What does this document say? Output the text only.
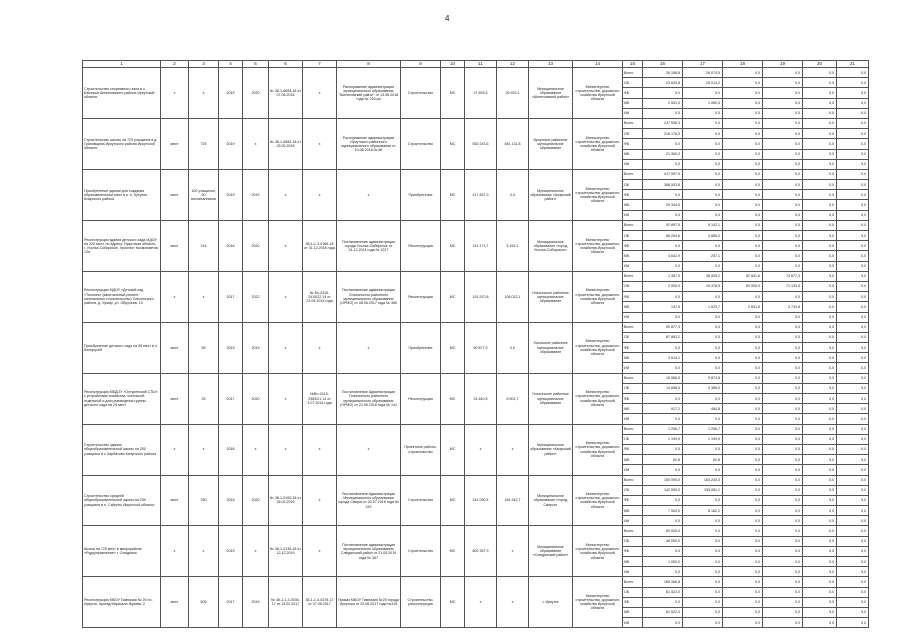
4
1	2	3	4	5	6	7	8	9	10	11	12	13	14	15	16	17	18	19	20	21
Строительство спортивного зала в с. Баклаши Шелеховского района Иркутской области	х	х	2019	2020	№ 38-1-6698-18 от 07.06.2018	х	Распоряжение администрации муниципального образования "Шелеховский район" от 14.08.2018 года № 226-ра	Строительство	МС	27 693,5	26 929,1	Муниципальное образование «Шелеховский район»	Министерство строительства, дорожного хозяйства Иркутской области	Всего	26 156,8	26 074,5	0,0	0,0	0,0	0,0
														ОБ	23 625,8	25 014,2	0,0	0,0	0,0	0,0
														ФБ	0,0	0,0	0,0	0,0	0,0	0,0
														МБ	2 531,0	1 060,3	0,0	0,0	0,0	0,0
														ИИ	0,0	0,0	0,0	0,0	0,0	0,0
Строительство школы на 725 учащихся в д. Грановщина Иркутского района Иркутской области	мест	725	2019	х	№ 38-1-6583-18 от 25.05.2018	х	Распоряжение администрации Иркутского районного муниципального образования от 10.08.2018 № 88	Строительство	МС	552 243,6	481 131,8	Иркутское районное муниципальное образование	Министерство строительства, дорожного хозяйства Иркутской области	Всего	237 536,3	0,0	0,0	0,0	0,0	0,0
														ОБ	216 176,0	0,0	0,0	0,0	0,0	0,0
														ФБ	0,0	0,0	0,0	0,0	0,0	0,0
														МБ	21 360,3	0,0	0,0	0,0	0,0	0,0
														ИИ	0,0	0,0	0,0	0,0	0,0	0,0
Приобретение здания для создания образовательных мест в р. п. Кутулик Аларского района	мест	100 учащихся, 50 воспитанников	2019	2019	х	х	х	Приобретение	МС	417 837,3	0,0	Муниципальное образование «Аларский район»	Министерство строительства, дорожного хозяйства Иркутской области	Всего	417 997,5	0,0	0,0	0,0	0,0	0,0
														ОБ	388 503,8	0,0	0,0	0,0	0,0	0,0
														ФБ	0,0	0,0	0,0	0,0	0,0	0,0
														МБ	29 344,5	0,0	0,0	0,0	0,0	0,0
														ИИ	0,0	0,0	0,0	0,0	0,0	0,0
Реконструкция здания детского сада МДОУ на 220 мест, по адресу: Иркутская область, г. Усолье-Сибирское, проспект Космонавтов, 12а	мест	215	2018	2020	х	38-1-1-3-0186-18 от 31.12.2018 года	Постановление администрации города Усолье-Сибирское от 24.12.2014 года № 2227	Реконструкция	МС	113 171,7	5 162,1	Муниципальное образование «город Усолье-Сибирское»	Министерство строительства, дорожного хозяйства Иркутской области	Всего	92 897,5	5 142,1	0,0	0,0	0,0	0,0
														ОБ	88 254,6	4 885,0	0,0	0,0	0,0	0,0
														ФБ	0,0	0,0	0,0	0,0	0,0	0,0
														МБ	4 642,9	257,1	0,0	0,0	0,0	0,0
														ИИ	0,0	0,0	0,0	0,0	0,0	0,0
Реконструкция МДОУ «Детский сад «Тополек» (капитальный ремонт, капитальное строительство) Ольхонского района, д. Хужир, ул. Обручева, 10	х	х	2017	2022	х	№ Бп-2415-2415/22.14 от 22.05.2015 года	Постановление администрации Ольхонского районного муниципального образования (ОРМО) от 08.06.2017 года № 365	Реконструкция	МС	151 570,8	108 012,1	Ольхонское районное муниципальное образование	Министерство строительства, дорожного хозяйства Иркутской области	Всего	1 357,9	38 505,2	52 831,6	74 877,3	0,0	0,0
														ОБ	2 000,0	19 478,5	50 000,0	71 133,5	0,0	0,0
														ФБ	0,0	0,0	0,0	0,0	0,0	0,0
														МБ	137,9	1 023,7	2 831,6	3 743,8	0,0	0,0
														ИИ	0,0	0,0	0,0	0,0	0,0	0,0
Приобретение детского сада на 55 мест в п. Белоручей	мест	55	2019	2019	х	х	х	Приобретение	МС	90 877,3	0,0	Усольское районное муниципальное образование	Министерство строительства, дорожного хозяйства Иркутской области	Всего	90 877,3	0,0	0,0	0,0	0,0	0,0
														ОБ	87 863,2	0,0	0,0	0,0	0,0	0,0
														ФБ	0,0	0,0	0,0	0,0	0,0	0,0
														МБ	3 014,1	0,0	0,0	0,0	0,0	0,0
														ИИ	0,0	0,0	0,0	0,0	0,0	0,0
Реконструкция МБДОУ «Онгуренский СТШ» с устройством хозяйства, котельной отдельной и для размещения группы детского сада на 25 мест	мест	25	2017	2020	х	№Вп-2415-2383/21.14 от 3.07.2015 года	Постановление Администрации Ольхонского районного муниципального образования (ОРМО) от 22.06.2016 года № 141	Реконструкция	МС	31 610,5	8 502,7	Ольхонское районное муниципальное образование	Министерство строительства, дорожного хозяйства Иркутской области	Всего	16 566,5	9 873,8	0,0	0,0	0,0	0,0
														ОБ	14 698,5	9 389,0	0,0	0,0	0,0	0,0
														ФБ	0,0	0,0	0,0	0,0	0,0	0,0
														МБ	917,2	484,8	0,0	0,0	0,0	0,0
														ИИ	0,0	0,0	0,0	0,0	0,0	0,0
Строительство здания общеобразовательной школы на 250 учащихся в с.Харбатово Качугского района	х	х	2018	х	х	х	х	Проектные работы, строительство	МС	х	х	Муниципальное образование «Качугский район»	Министерство строительства, дорожного хозяйства Иркутской области	Всего	1 256,7	1 256,7	0,0	0,0	0,0	0,0
														ОБ	1 193,9	1 193,9	0,0	0,0	0,0	0,0
														ФБ	0,0	0,0	0,0	0,0	0,0	0,0
														МБ	62,8	62,8	0,0	0,0	0,0	0,0
														ИИ	0,0	0,0	0,0	0,0	0,0	0,0
Строительство средней общеобразовательной школы на 250 учащихся в п. Сайгуты Иркутской области	мест	250	2018	2020	№ 38-1-0100-18 от 26.02.2019	х	Постановление Администрации Муниципального образования города Свирск от 03.07.2018 года № 319	Строительство	МС	241 090,4	184 342,7	Муниципальное образование «город Свирск»	Министерство строительства, дорожного хозяйства Иркутской области	Всего	150 090,0	163 243,3	0,0	0,0	0,0	0,0
														ОБ	142 590,0	155 081,1	0,0	0,0	0,0	0,0
														ФБ	0,0	0,0	0,0	0,0	0,0	0,0
														МБ	7 500,0	8 162,2	0,0	0,0	0,0	0,0
														ИИ	0,0	0,0	0,0	0,0	0,0	0,0
Школа на 720 мест в микрорайоне «Рудоуправление» г. Слюдянка	х	х	2019	х	№ 38-1-0136-18 от 12.12.2019	х	Постановление администрации муниципального образования Слюдянский район от 21.05.2019 года № 357	Строительство	МС	802 357,9	х	Муниципальное образование «Слюдянский район»	Министерство строительства, дорожного хозяйства Иркутской области	Всего	50 000,0	0,0	0,0	0,0	0,0	0,0
														ОБ	48 000,0	0,0	0,0	0,0	0,0	0,0
														ФБ	0,0	0,0	0,0	0,0	0,0	0,0
														МБ	1 000,0	0,0	0,0	0,0	0,0	0,0
														ИИ	0,0	0,0	0,0	0,0	0,0	0,0
Реконструкция МБОУ Гимназия № 25 по, Иркутск, проезд Маршала Жукова, 2	мест	505	2017	2019	№ 38-1-1-3-0030-17 от 13.02.2017	38-1-1-4-0378-17 от 07.06.2017	Приказ МБОУ Гимназия №25 города Иркутска от 20.06.2017 года №415	Строительство, реконструкция	МС	х	х	г. Иркутск	Министерство строительства, дорожного хозяйства Иркутской области	Всего	165 066,8	0,0	0,0	0,0	0,0	0,0
														ОБ	81 522,0	0,0	0,0	0,0	0,0	0,0
														ФБ	0,0	0,0	0,0	0,0	0,0	0,0
														МБ	81 522,0	0,0	0,0	0,0	0,0	0,0
														ИИ	0,0	0,0	0,0	0,0	0,0	0,0
